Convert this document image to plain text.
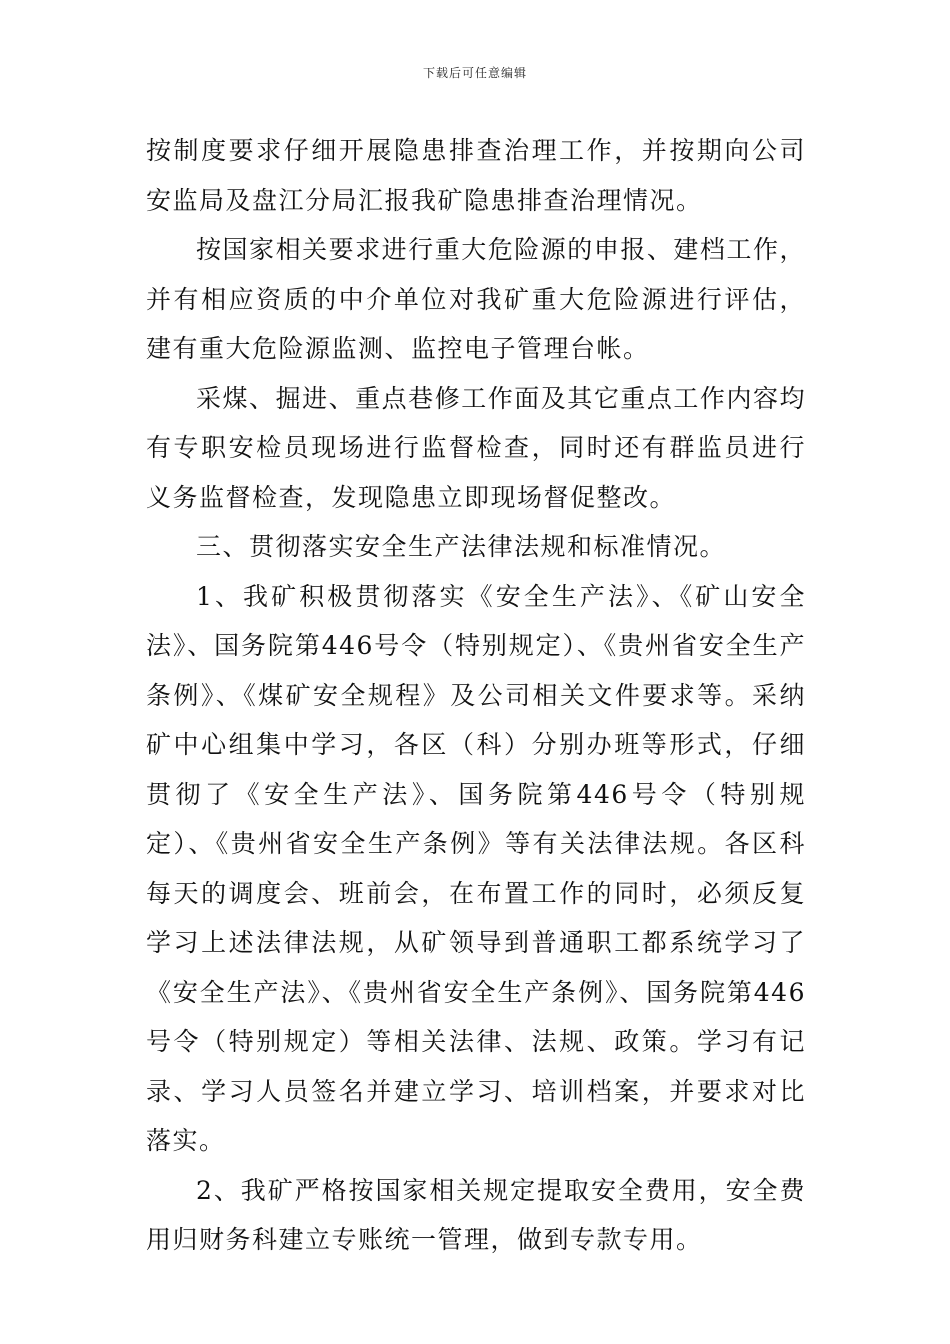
下载后可任意编辑

按制度要求仔细开展隐患排查治理工作，并按期向公司安监局及盘江分局汇报我矿隐患排查治理情况。

按国家相关要求进行重大危险源的申报、建档工作，并有相应资质的中介单位对我矿重大危险源进行评估，建有重大危险源监测、监控电子管理台帐。

采煤、掘进、重点巷修工作面及其它重点工作内容均有专职安检员现场进行监督检查，同时还有群监员进行义务监督检查，发现隐患立即现场督促整改。

三、贯彻落实安全生产法律法规和标准情况。

1、我矿积极贯彻落实《安全生产法》、《矿山安全法》、国务院第446号令（特别规定）、《贵州省安全生产条例》、《煤矿安全规程》及公司相关文件要求等。采纳矿中心组集中学习，各区（科）分别办班等形式，仔细贯彻了《安全生产法》、国务院第446号令（特别规定）、《贵州省安全生产条例》等有关法律法规。各区科每天的调度会、班前会，在布置工作的同时，必须反复学习上述法律法规，从矿领导到普通职工都系统学习了《安全生产法》、《贵州省安全生产条例》、国务院第446号令（特别规定）等相关法律、法规、政策。学习有记录、学习人员签名并建立学习、培训档案，并要求对比落实。

2、我矿严格按国家相关规定提取安全费用，安全费用归财务科建立专账统一管理，做到专款专用。
